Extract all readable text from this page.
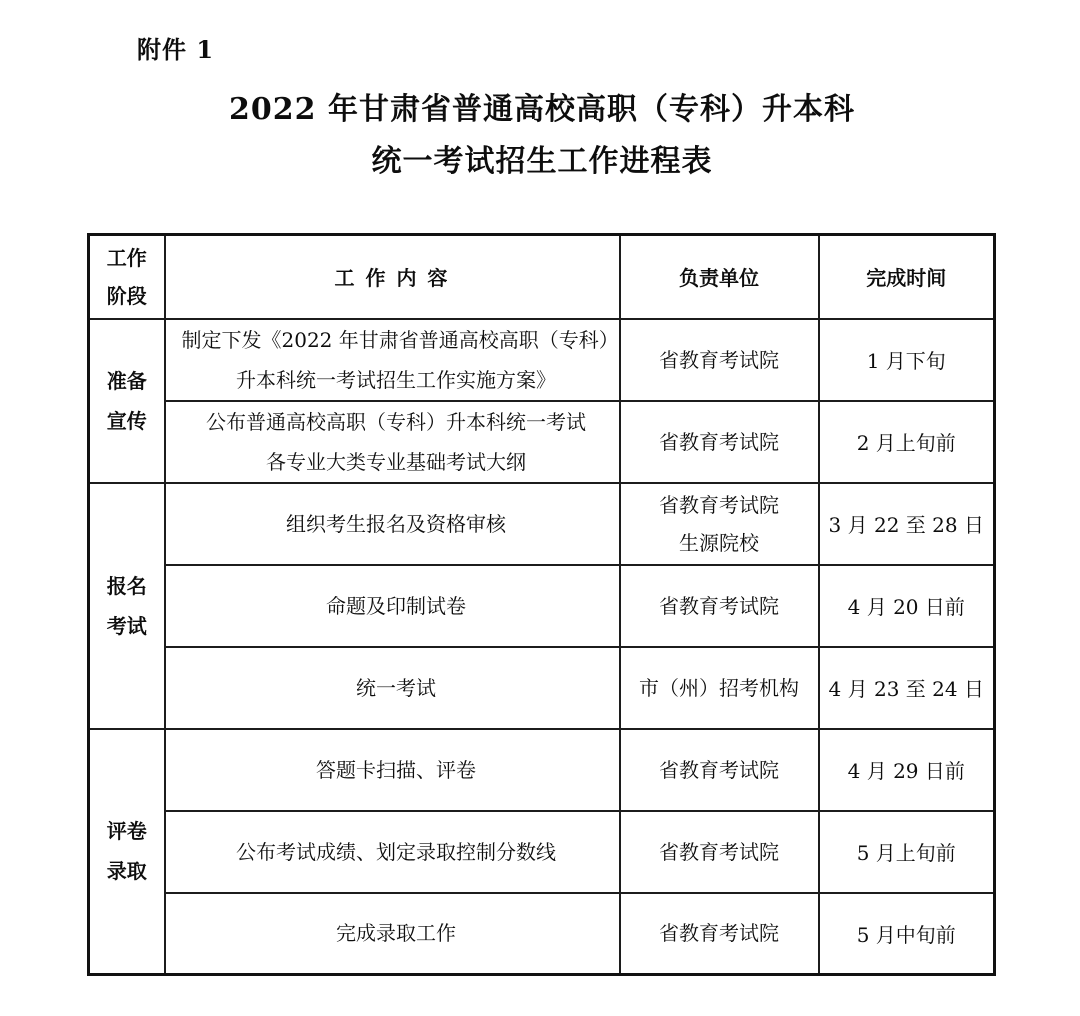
附件 1
2022 年甘肃省普通高校高职（专科）升本科
统一考试招生工作进程表
工作
阶段	工 作 内 容	负责单位	完成时间

准备
宣传

制定下发《2022 年甘肃省普通高校高职（专科）
升本科统一考试招生工作实施方案》

省教育考试院	1 月下旬

	公布普通高校高职（专科）升本科统一考试
各专业大类专业基础考试大纲	省教育考试院	2 月上旬前

报名
考试

组织考生报名及资格审核

省教育考试院
生源院校
	3 月 22 至 28 日

	命题及印制试卷	省教育考试院	4 月 20 日前

	统一考试	市（州）招考机构	4 月 23 至 24 日

评卷
录取	答题卡扫描、评卷	省教育考试院	4 月 29 日前

	公布考试成绩、划定录取控制分数线	省教育考试院	5 月上旬前

	完成录取工作	省教育考试院	5 月中旬前
